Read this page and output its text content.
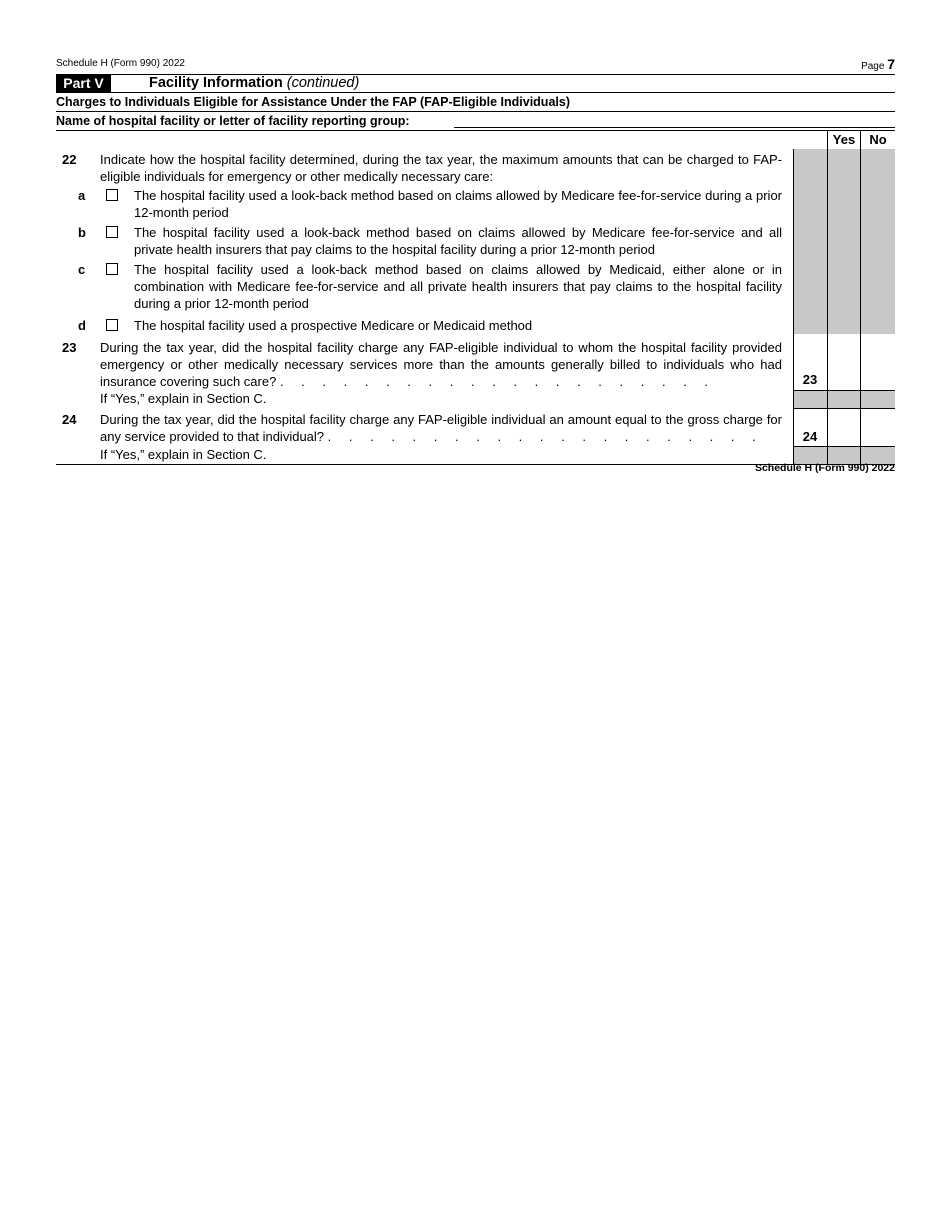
Schedule H (Form 990) 2022	Page 7
Part V	Facility Information (continued)
Charges to Individuals Eligible for Assistance Under the FAP (FAP-Eligible Individuals)
Name of hospital facility or letter of facility reporting group:
Yes	No
22 Indicate how the hospital facility determined, during the tax year, the maximum amounts that can be charged to FAP-eligible individuals for emergency or other medically necessary care:
a	The hospital facility used a look-back method based on claims allowed by Medicare fee-for-service during a prior 12-month period
b	The hospital facility used a look-back method based on claims allowed by Medicare fee-for-service and all private health insurers that pay claims to the hospital facility during a prior 12-month period
c	The hospital facility used a look-back method based on claims allowed by Medicaid, either alone or in combination with Medicare fee-for-service and all private health insurers that pay claims to the hospital facility during a prior 12-month period
d	The hospital facility used a prospective Medicare or Medicaid method
23 During the tax year, did the hospital facility charge any FAP-eligible individual to whom the hospital facility provided emergency or other medically necessary services more than the amounts generally billed to individuals who had insurance covering such care? . . . . . . . . . . . . . . . . . . . . .
If “Yes,” explain in Section C.
23
24 During the tax year, did the hospital facility charge any FAP-eligible individual an amount equal to the gross charge for any service provided to that individual? . . . . . . . . . . . . . . . . . . . . .
If “Yes,” explain in Section C.
24
Schedule H (Form 990) 2022
